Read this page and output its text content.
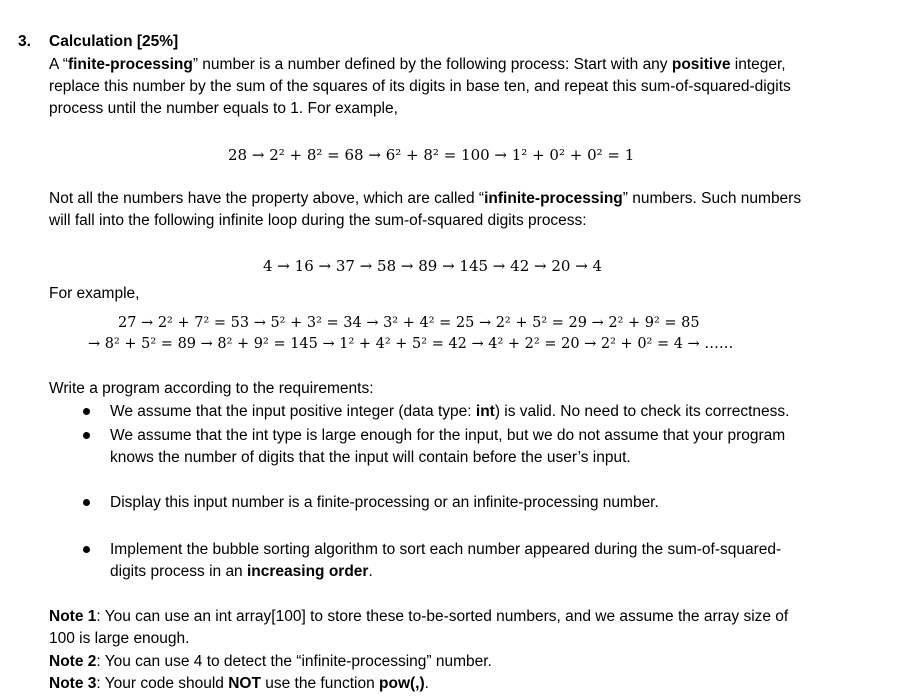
3. Calculation [25%]
A “finite-processing” number is a number defined by the following process: Start with any positive integer,
replace this number by the sum of the squares of its digits in base ten, and repeat this sum-of-squared-digits
process until the number equals to 1. For example,
28 → 2² + 8² = 68 → 6² + 8² = 100 → 1² + 0² + 0² = 1
Not all the numbers have the property above, which are called “infinite-processing” numbers. Such numbers
will fall into the following infinite loop during the sum-of-squared digits process:
4 → 16 → 37 → 58 → 89 → 145 → 42 → 20 → 4
For example,
27 → 2² + 7² = 53 → 5² + 3² = 34 → 3² + 4² = 25 → 2² + 5² = 29 → 2² + 9² = 85
→ 8² + 5² = 89 → 8² + 9² = 145 → 1² + 4² + 5² = 42 → 4² + 2² = 20 → 2² + 0² = 4 → ……
Write a program according to the requirements:
We assume that the input positive integer (data type: int) is valid. No need to check its correctness.
We assume that the int type is large enough for the input, but we do not assume that your program
knows the number of digits that the input will contain before the user’s input.
Display this input number is a finite-processing or an infinite-processing number.
Implement the bubble sorting algorithm to sort each number appeared during the sum-of-squared-
digits process in an increasing order.
Note 1: You can use an int array[100] to store these to-be-sorted numbers, and we assume the array size of
100 is large enough.
Note 2: You can use 4 to detect the “infinite-processing” number.
Note 3: Your code should NOT use the function pow(,).
